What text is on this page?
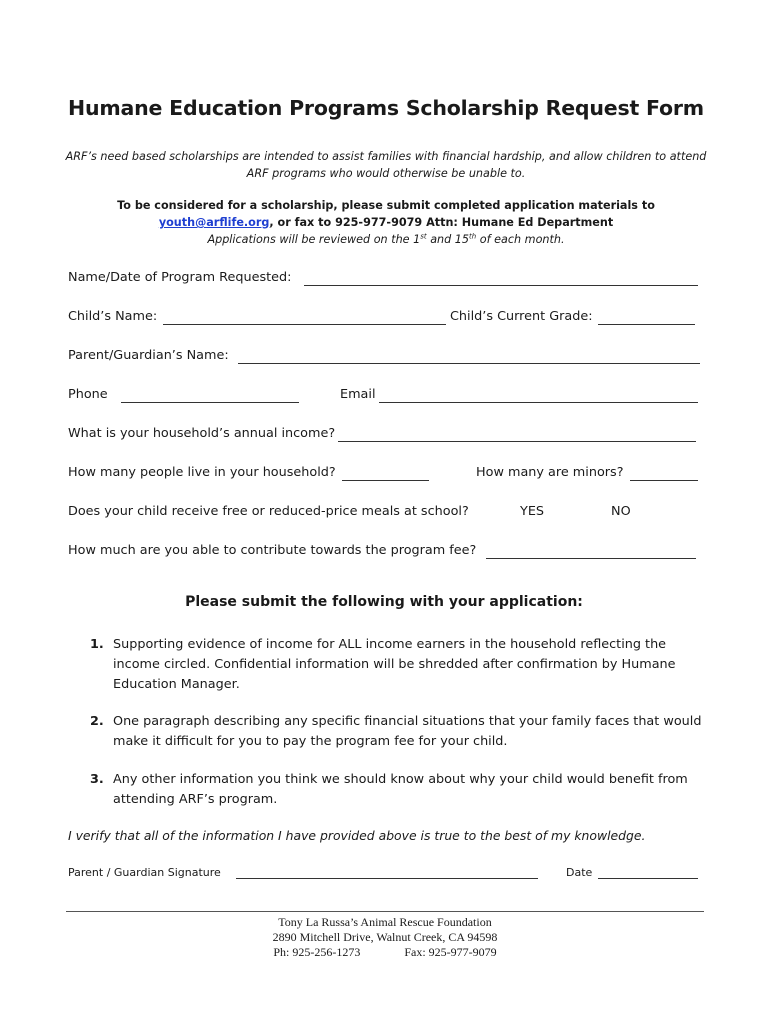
Humane Education Programs Scholarship Request Form
ARF’s need based scholarships are intended to assist families with financial hardship, and allow children to attend
ARF programs who would otherwise be unable to.
To be considered for a scholarship, please submit completed application materials to
youth@arflife.org, or fax to 925-977-9079 Attn: Humane Ed Department
Applications will be reviewed on the 1st and 15th of each month.
Name/Date of Program Requested:
Child’s Name:	Child’s Current Grade:
Parent/Guardian’s Name:
Phone	Email
What is your household’s annual income?
How many people live in your household?	How many are minors?
Does your child receive free or reduced-price meals at school?	YES	NO
How much are you able to contribute towards the program fee?
Please submit the following with your application:
1. Supporting evidence of income for ALL income earners in the household reflecting the income circled. Confidential information will be shredded after confirmation by Humane Education Manager.
2. One paragraph describing any specific financial situations that your family faces that would make it difficult for you to pay the program fee for your child.
3. Any other information you think we should know about why your child would benefit from attending ARF’s program.
I verify that all of the information I have provided above is true to the best of my knowledge.
Parent / Guardian Signature	Date
Tony La Russa’s Animal Rescue Foundation
2890 Mitchell Drive, Walnut Creek, CA 94598
Ph: 925-256-1273	Fax: 925-977-9079
